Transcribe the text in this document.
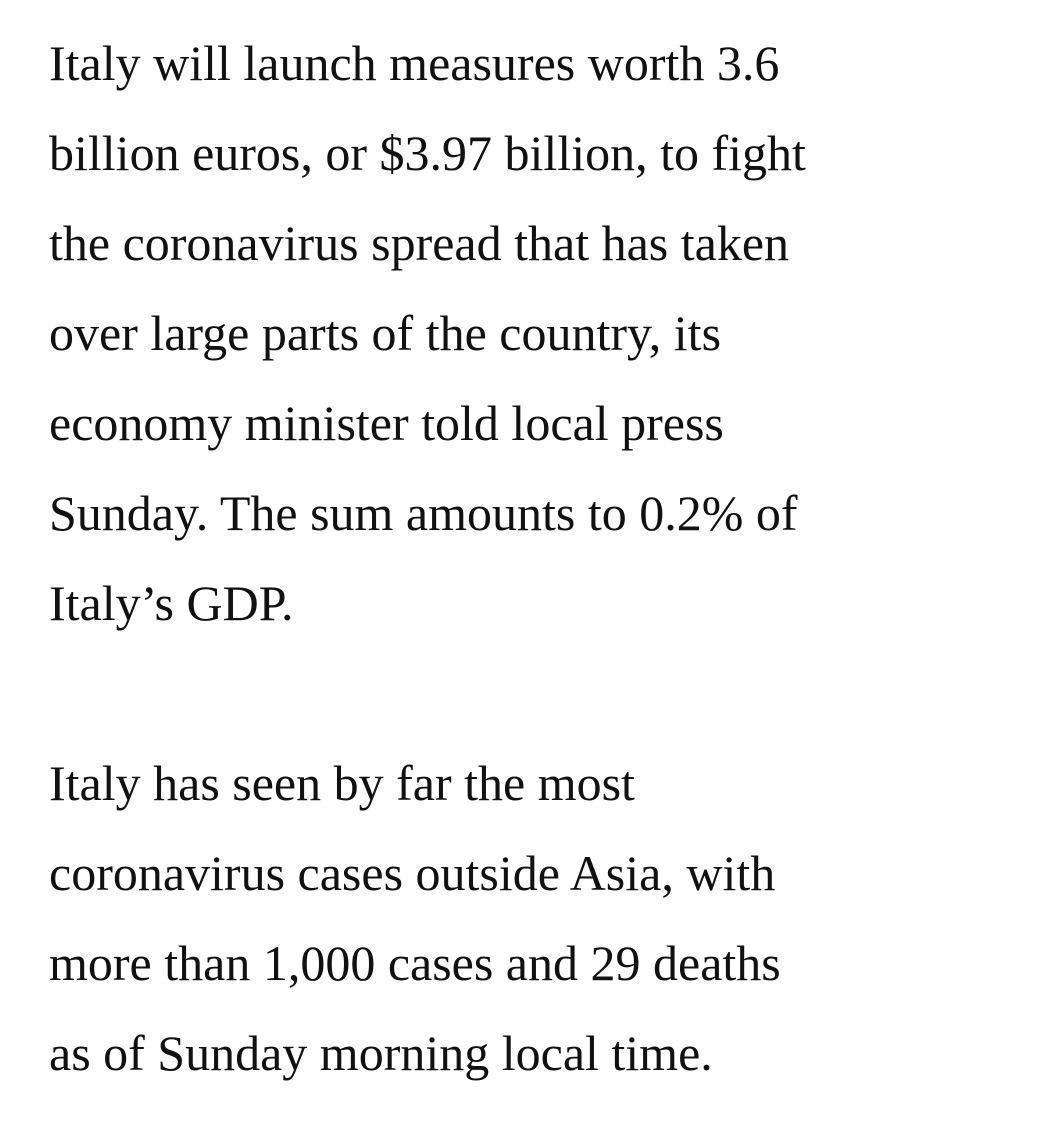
Italy will launch measures worth 3.6
billion euros, or $3.97 billion, to fight
the coronavirus spread that has taken
over large parts of the country, its
economy minister told local press
Sunday. The sum amounts to 0.2% of
Italy’s GDP.

Italy has seen by far the most
coronavirus cases outside Asia, with
more than 1,000 cases and 29 deaths
as of Sunday morning local time.
